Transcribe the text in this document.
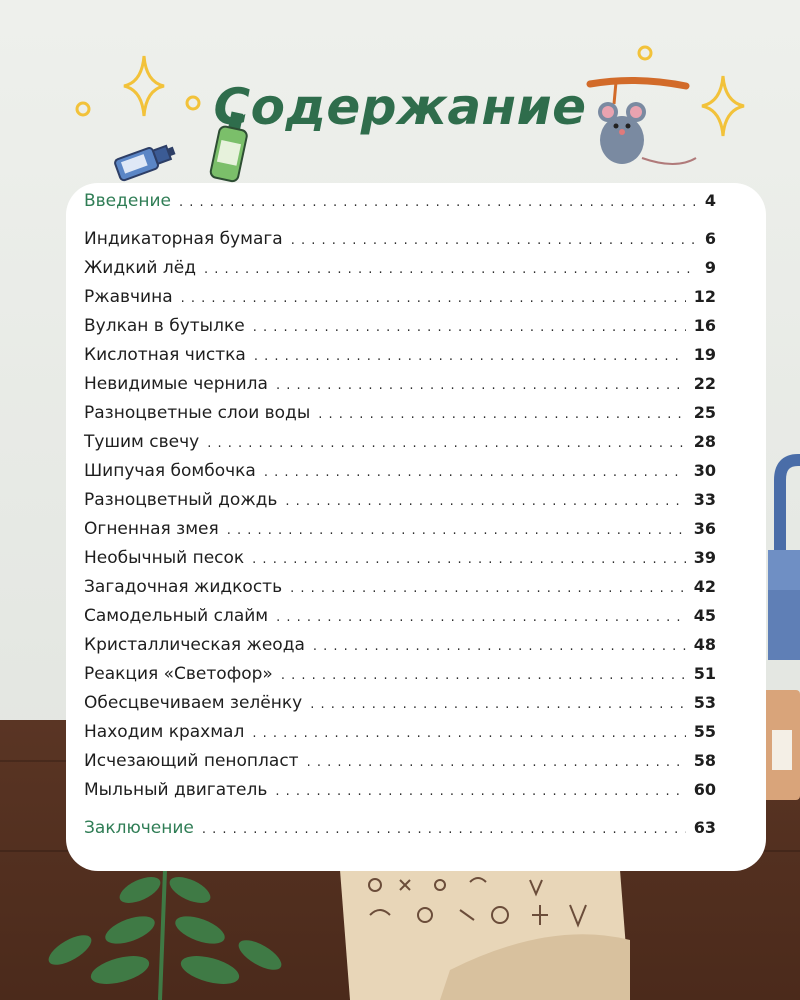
Содержание
Введение . . .	4
Индикаторная бумага . . .	6
Жидкий лёд . . .	9
Ржавчина . . .	12
Вулкан в бутылке . . .	16
Кислотная чистка . . .	19
Невидимые чернила . . .	22
Разноцветные слои воды . . .	25
Тушим свечу . . .	28
Шипучая бомбочка . . .	30
Разноцветный дождь . . .	33
Огненная змея . . .	36
Необычный песок . . .	39
Загадочная жидкость . . .	42
Самодельный слайм . . .	45
Кристаллическая жеода . . .	48
Реакция «Светофор» . . .	51
Обесцвечиваем зелёнку . . .	53
Находим крахмал . . .	55
Исчезающий пенопласт . . .	58
Мыльный двигатель . . .	60
Заключение . . .	63
